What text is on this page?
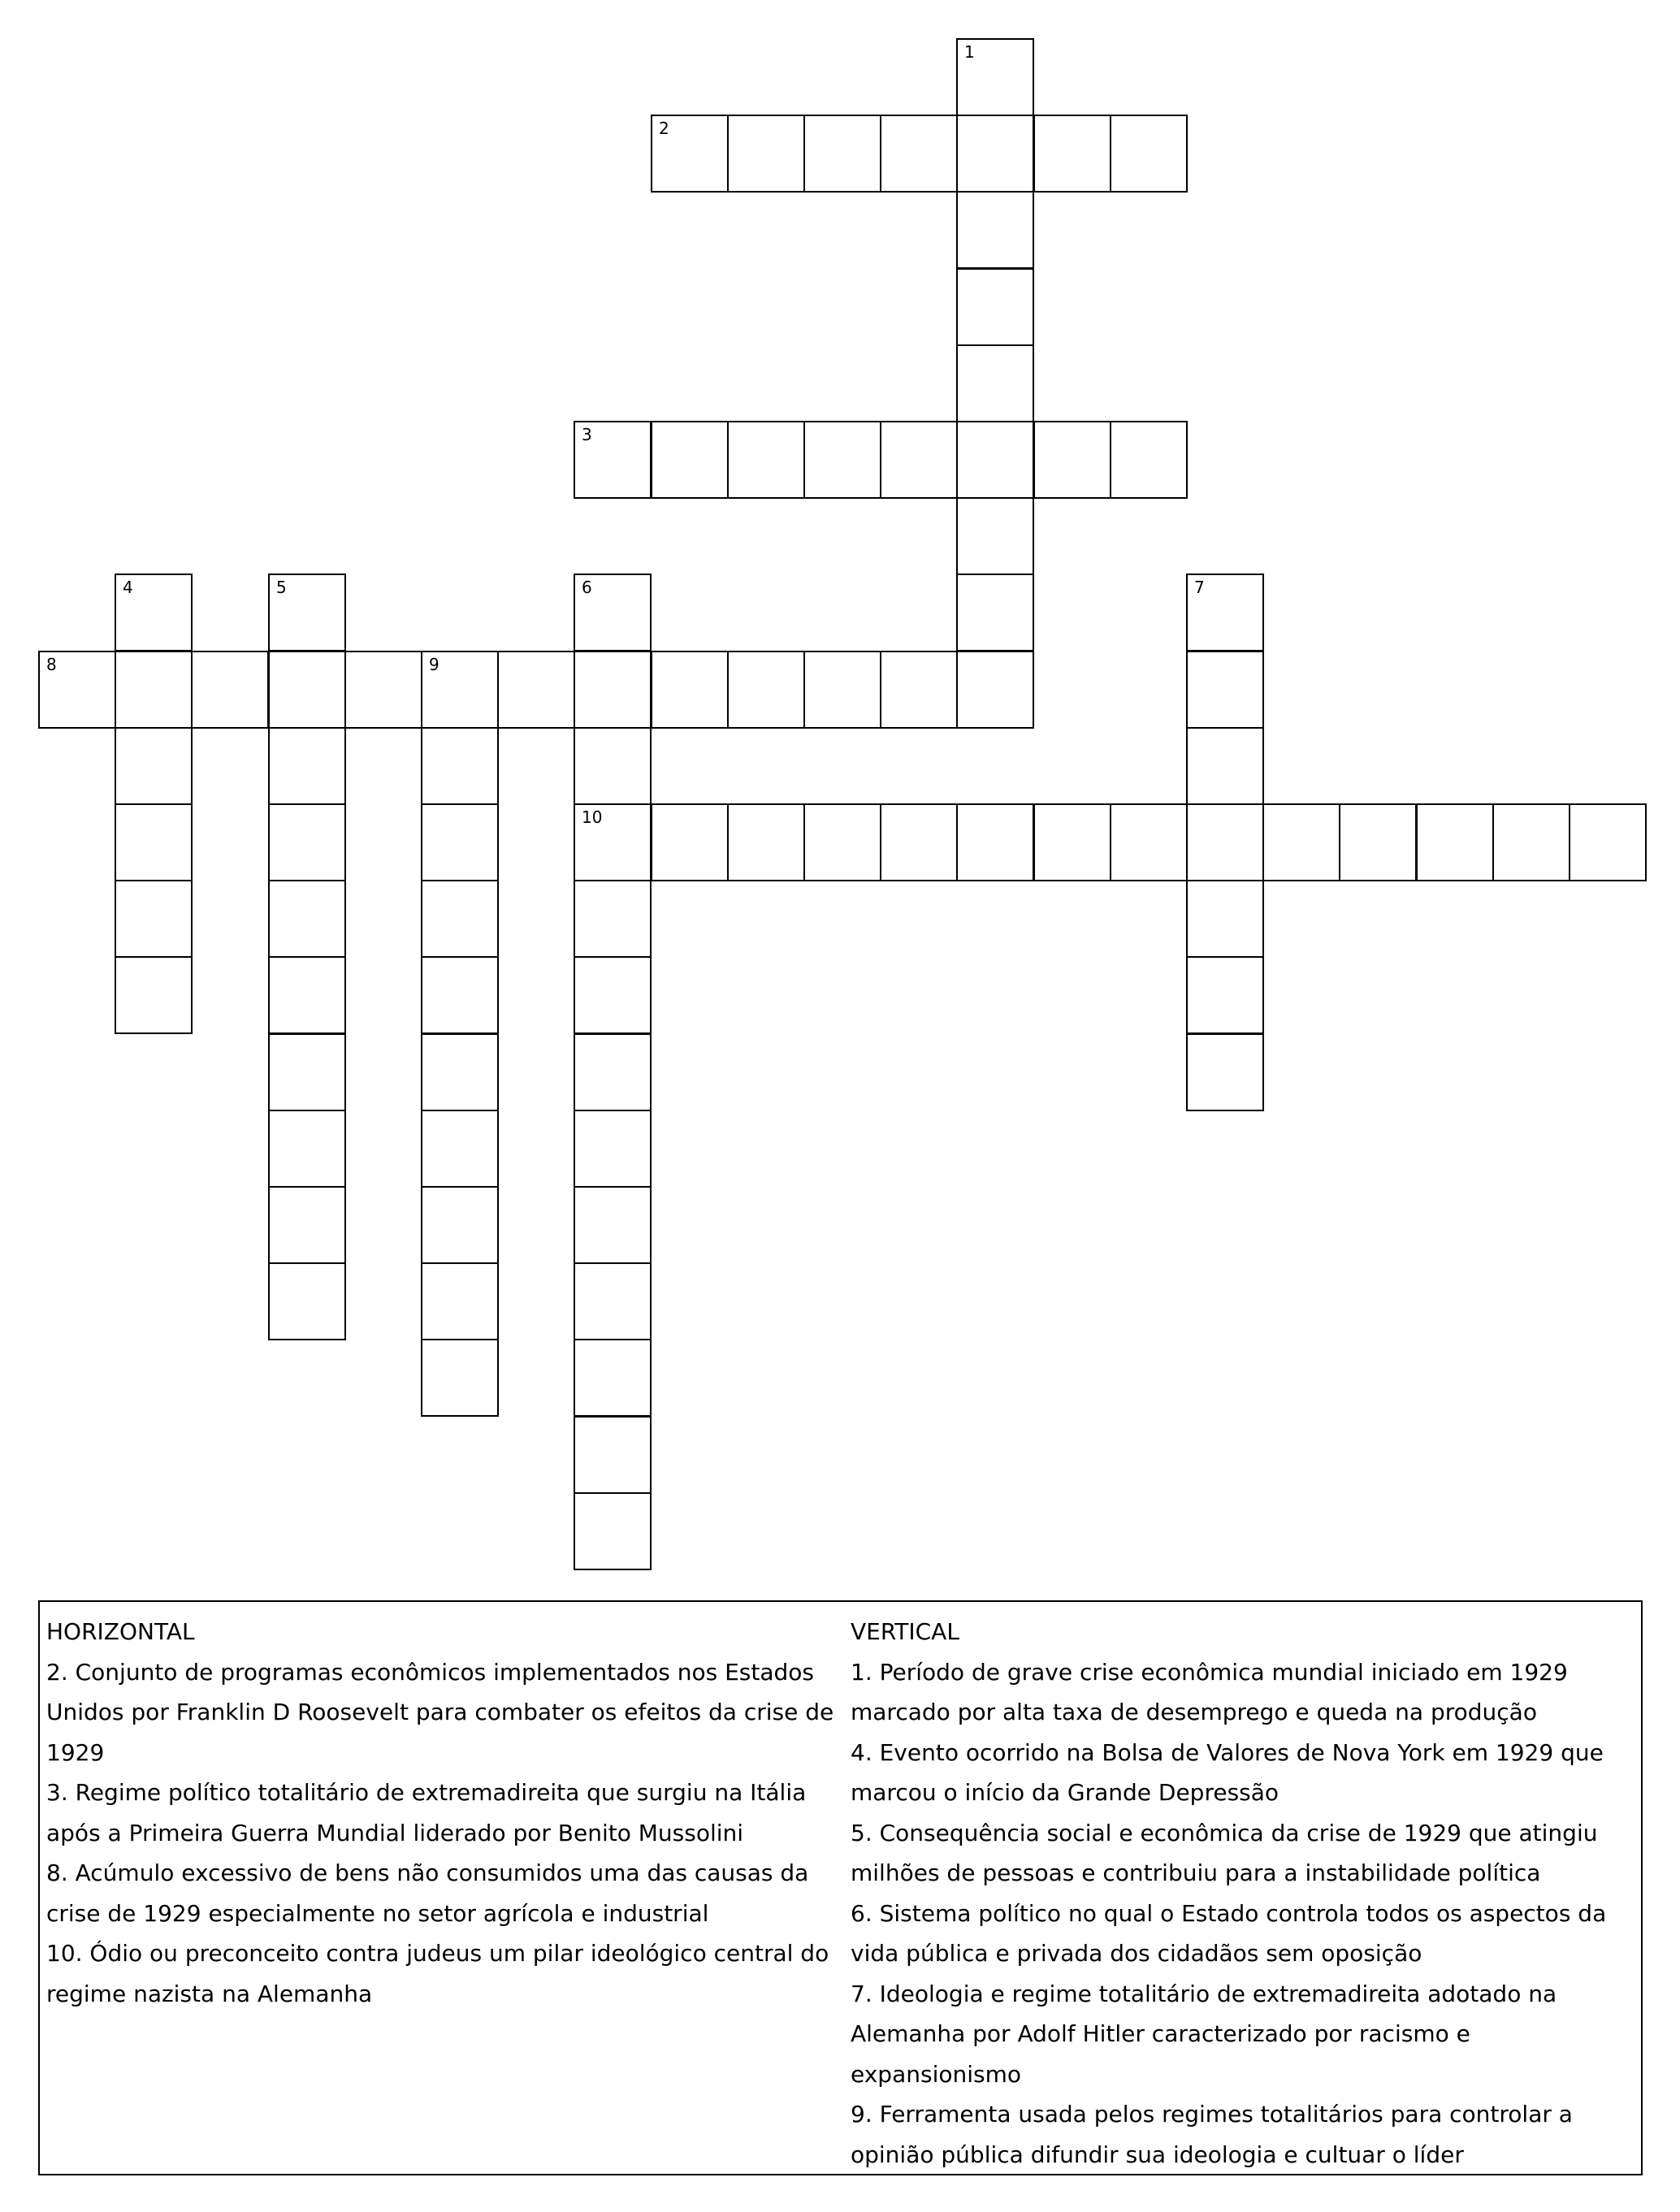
1
2
3
4	5	6
10
7
8	9

HORIZONTAL

2. Conjunto de programas econômicos implementados nos Estados Unidos por Franklin D Roosevelt para combater os efeitos da crise de 1929

3. Regime político totalitário de extremadireita que surgiu na Itália após a Primeira Guerra Mundial liderado por Benito Mussolini

8. Acúmulo excessivo de bens não consumidos uma das causas da crise de 1929 especialmente no setor agrícola e industrial

10. Ódio ou preconceito contra judeus um pilar ideológico central do regime nazista na Alemanha

VERTICAL

1. Período de grave crise econômica mundial iniciado em 1929 marcado por alta taxa de desemprego e queda na produção

4. Evento ocorrido na Bolsa de Valores de Nova York em 1929 que marcou o início da Grande Depressão

5. Consequência social e econômica da crise de 1929 que atingiu milhões de pessoas e contribuiu para a instabilidade política

6. Sistema político no qual o Estado controla todos os aspectos da vida pública e privada dos cidadãos sem oposição

7. Ideologia e regime totalitário de extremadireita adotado na Alemanha por Adolf Hitler caracterizado por racismo e expansionismo

9. Ferramenta usada pelos regimes totalitários para controlar a opinião pública difundir sua ideologia e cultuar o líder
